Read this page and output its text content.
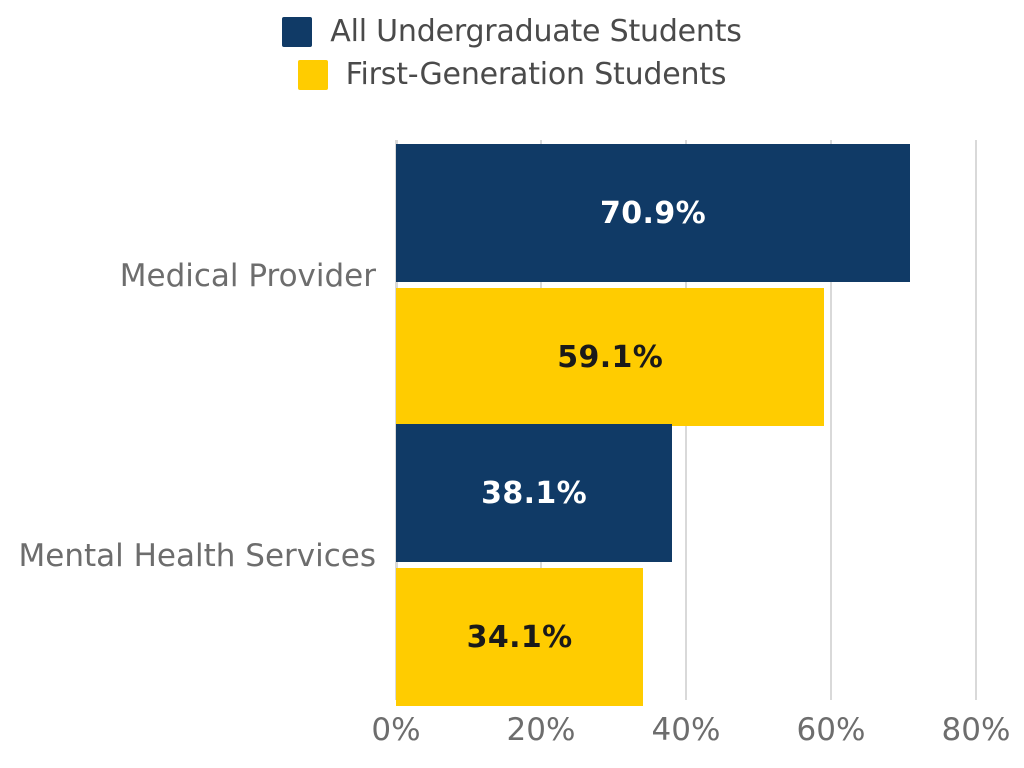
All Undergraduate Students
First-Generation Students
Medical Provider
Mental Health Services
70.9%
59.1%
38.1%
34.1%
0%	20% 40% 60% 80%
